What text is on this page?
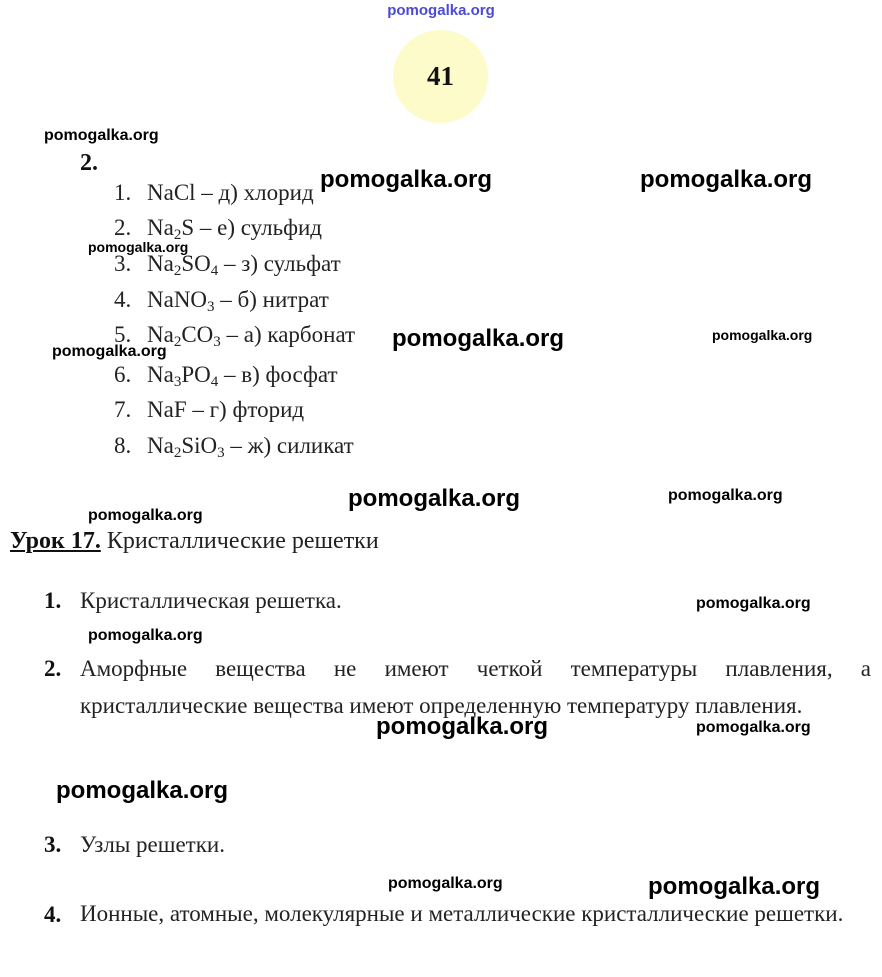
pomogalka.org
41
2.
1. NaCl – д) хлорид
2. $Na_2S - е$) сульфид
3. $Na_2SO_4 - з$) сульфат
4. NaNO$_3$ – б) нитрат
5. $Na_2CO_3 - а$) карбонат
6. $Na_3PO_4 - в$) фосфат
7. NaF – г) фторид
8. $Na_2SiO_3 - ж$) силикат
Урок 17. Кристаллические решетки
1. Кристаллическая решетка.
2. Аморфные вещества не имеют четкой температуры плавления, а кристаллические вещества имеют определенную температуру плавления.
3. Узлы решетки.
4. Ионные, атомные, молекулярные и металлические кристаллические решетки.
pomogalka.org
pomogalka.org	pomogalka.org
pomogalka.org
pomogalka.org
pomogalka.org
pomogalka.org
pomogalka.org	pomogalka.org
pomogalka.org
pomogalka.org
pomogalka.org
pomogalka.org	pomogalka.org
pomogalka.org
pomogalka.org	pomogalka.org
